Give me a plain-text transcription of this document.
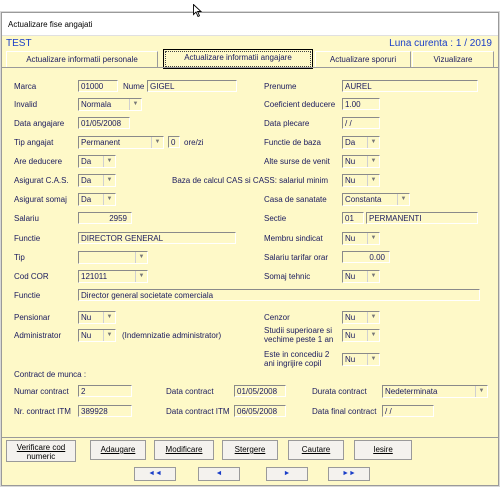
Actualizare fise angajati
TEST	Luna curenta : 1 / 2019
Actualizare informatii personale	Actualizare informatii angajare	Actualizare sporuri	Vizualizare
Marca	01000	Nume GIGEL	Prenume	AUREL
Invalid	Normala	▼	Coeficient deducere	1.00
Data angajare	01/05/2008	Data plecare	/ /
Tip angajat	Permanent	▼	0	ore/zi	Functie de baza	Da	▼
Are deducere	Da	▼	Alte surse de venit	Nu	▼
Asigurat C.A.S.	Da	▼	Baza de calcul CAS si CASS: salariul minim	Nu	▼
Asigurat somaj	Da	▼	Casa de sanatate	Constanta	▼
Salariu	2959	Sectie	01	PERMANENTI
Functie	DIRECTOR GENERAL	Membru sindicat	Nu	▼
Tip	▼	Salariu tarifar orar	0.00
Cod COR	121011	▼	Somaj tehnic	Nu	▼
Functie	Director general societate comerciala
Pensionar	Nu	▼	Cenzor	Nu	▼
Administrator	Nu	▼	(Indemnizatie administrator)
Studii superioare si
vechime peste 1 an	Nu	▼
Este in concediu 2
ani ingrijire copil	Nu	▼
Contract de munca :
Numar contract	2	Data contract	01/05/2008	Durata contract	Nedeterminata	▼
Nr. contract ITM	389928	Data contract ITM 06/05/2008	Data final contract	/ /
Verificare cod
numeric
Adaugare	Modificare	Stergere	Cautare	Iesire
◄◄	◄	►	►►
